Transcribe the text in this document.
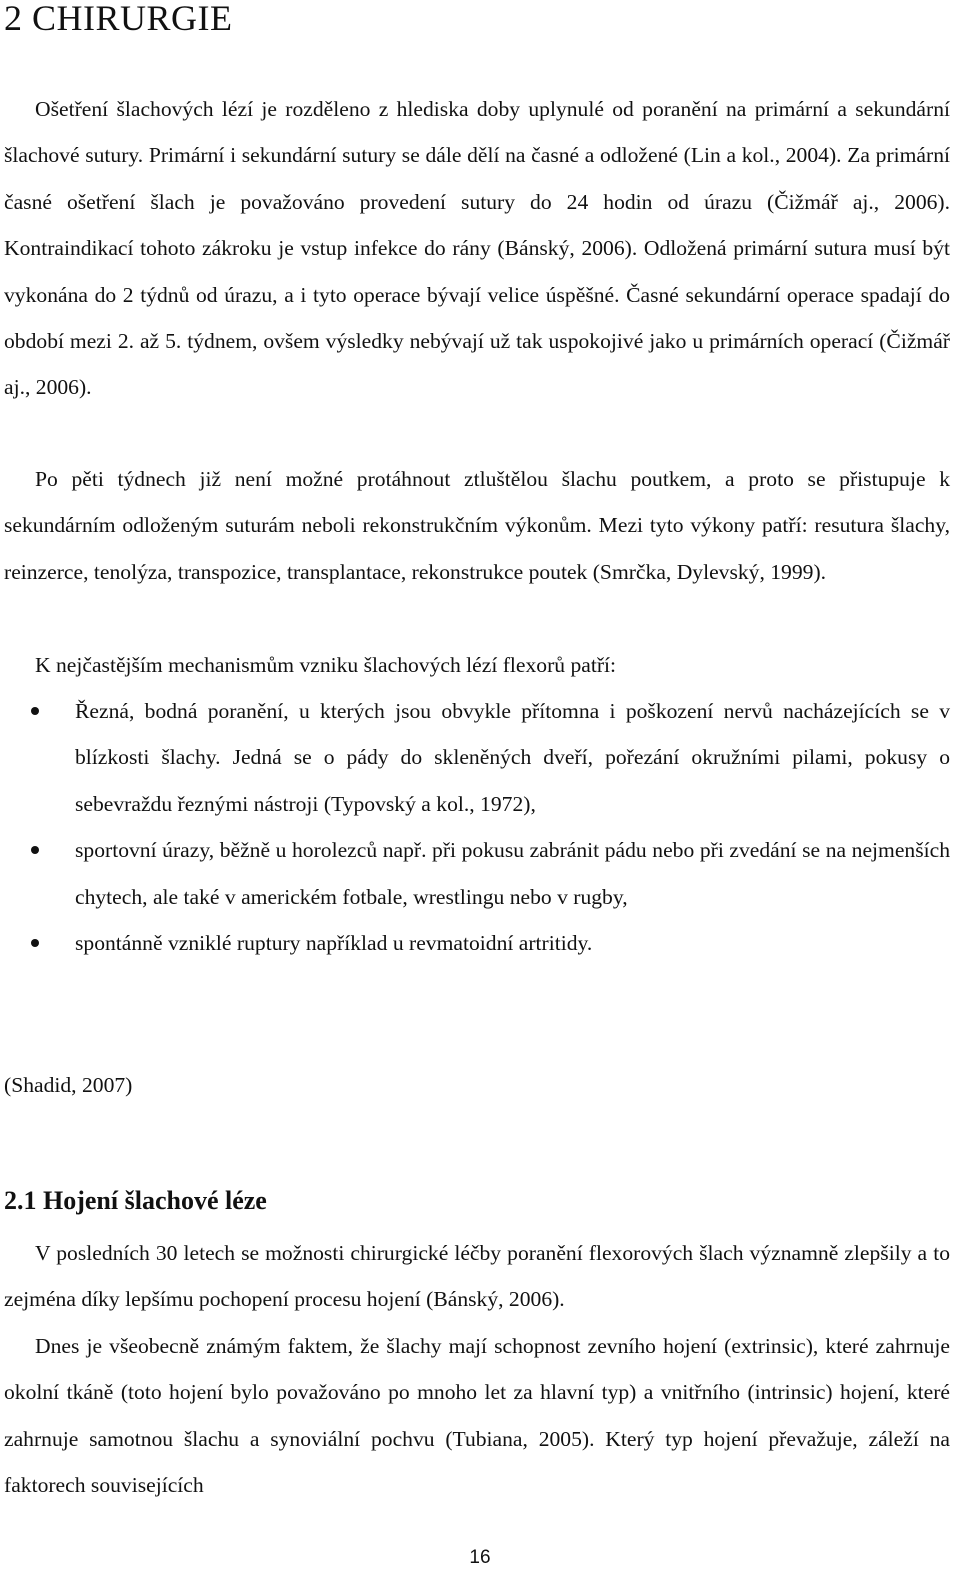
2 CHIRURGIE

Ošetření šlachových lézí je rozděleno z hlediska doby uplynulé od poranění na primární a sekundární šlachové sutury. Primární i sekundární sutury se dále dělí na časné a odložené (Lin a kol., 2004). Za primární časné ošetření šlach je považováno provedení sutury do 24 hodin od úrazu (Čižmář aj., 2006). Kontraindikací tohoto zákroku je vstup infekce do rány (Bánský, 2006). Odložená primární sutura musí být vykonána do 2 týdnů od úrazu, a i tyto operace bývají velice úspěšné. Časné sekundární operace spadají do období mezi 2. až 5. týdnem, ovšem výsledky nebývají už tak uspokojivé jako u primárních operací (Čižmář aj., 2006).

Po pěti týdnech již není možné protáhnout ztluštělou šlachu poutkem, a proto se přistupuje k sekundárním odloženým suturám neboli rekonstrukčním výkonům. Mezi tyto výkony patří: resutura šlachy, reinzerce, tenolýza, transpozice, transplantace, rekonstrukce poutek (Smrčka, Dylevský, 1999).

K nejčastějším mechanismům vzniku šlachových lézí flexorů patří:

Řezná, bodná poranění, u kterých jsou obvykle přítomna i poškození nervů nacházejících se v blízkosti šlachy. Jedná se o pády do skleněných dveří, pořezání okružními pilami, pokusy o sebevraždu řeznými nástroji (Typovský a kol., 1972),
sportovní úrazy, běžně u horolezců např. při pokusu zabránit pádu nebo při zvedání se na nejmenších chytech, ale také v americkém fotbale, wrestlingu nebo v rugby,
spontánně vzniklé ruptury například u revmatoidní artritidy.

(Shadid, 2007)

2.1 Hojení šlachové léze

V posledních 30 letech se možnosti chirurgické léčby poranění flexorových šlach významně zlepšily a to zejména díky lepšímu pochopení procesu hojení (Bánský, 2006).

Dnes je všeobecně známým faktem, že šlachy mají schopnost zevního hojení (extrinsic), které zahrnuje okolní tkáně (toto hojení bylo považováno po mnoho let za hlavní typ) a vnitřního (intrinsic) hojení, které zahrnuje samotnou šlachu a synoviální pochvu (Tubiana, 2005). Který typ hojení převažuje, záleží na faktorech souvisejících

16
